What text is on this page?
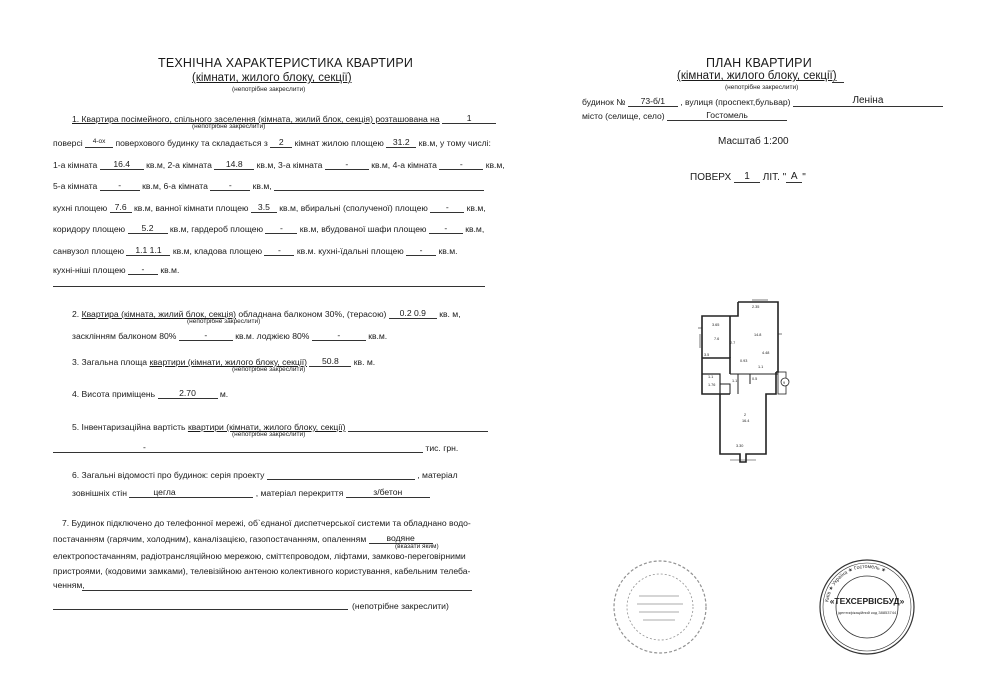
ТЕХНІЧНА ХАРАКТЕРИСТИКА КВАРТИРИ
(кімнати, жилого блоку, секції)
(непотрібне закреслити)
1. Квартира посімейного, спільного заселення (кімната, жилий блок, секція) розташована на	1
(непотрібне закреслити)
поверсі 4-ох поверхового будинку та складається з 2 кімнат жилою площею 31.2 кв.м, у тому числі:
1-а кімната 16.4 кв.м, 2-а кімната 14.8 кв.м, 3-а кімната	-	кв.м, 4-а кімната	-	кв.м,
5-а кімната - кв.м, 6-а кімната - кв.м,
кухні площею 7.6 кв.м, ванної кімнати площею 3.5 кв.м, вбиральні (сполученої) площею - кв.м,
коридору площею 5.2 кв.м, гардероб площею - кв.м, вбудованої шафи площею - кв.м,
санвузол площею 1.1 1.1 кв.м, кладова площею - кв.м. кухні-їдальні площею - кв.м.
кухні-ніші площею - кв.м.
2. Квартира (кімната, жилий блок, секція) обладнана балконом 30%, (терасою) 0.2 0.9 кв. м,
(непотрібне закреслити)
засклінням балконом 80%	-	кв.м. лоджією 80%	-	кв.м.
3. Загальна площа квартири (кімнати, жилого блоку, секції) 50.8 кв. м.
(непотрібне закреслити)
4. Висота приміщень	2.70	м.
5. Інвентаризаційна вартість квартири (кімнати, жилого блоку, секції)
(непотрібне закреслити)
-	тис. грн.
6. Загальні відомості про будинок: серія проекту	, матеріал
зовнішніх стін	цегла	, матеріал перекриття	з/бетон
7. Будинок підключено до телефонної мережі, об`єднаної диспетчерської системи та обладнано водо-
постачанням (гарячим, холодним), каналізацією, газопостачанням, опаленням водяне
(вказати яким)
електропостачанням, радіотрансляційною мережою, сміттєпроводом, ліфтами, замково-переговірними
пристроями, (кодовими замками), телевізійною антеною колективного користування, кабельним телеба-
ченням,
(непотрібне закреслити)
ПЛАН КВАРТИРИ
(кімнати, жилого блоку, секції)
(непотрібне закреслити)
будинок № 73-б/1 , вулиця (проспект,бульвар)	Леніна
місто (селище, село)	Гостомель
Масштаб 1:200
ПОВЕРХ 1 ЛІТ. " А "
2.35
3.65
7.6
3.5
14.8
2.7
1.1
1.76
1.1	9
4.48
2
16.4
3.30
0.93
0.5
1.1
Київ ★ Україна ★ Гостомель ★
«ТЕХСЕРВІСБУД»
ідентифікаційний код 38853744
